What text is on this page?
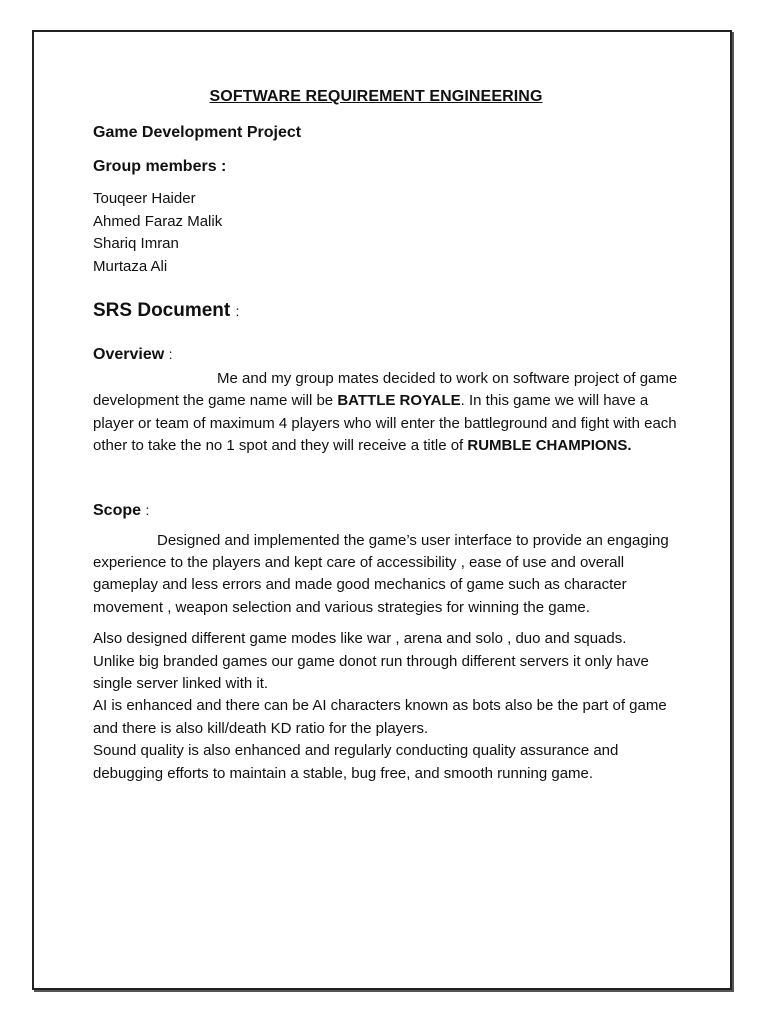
SOFTWARE REQUIREMENT ENGINEERING

Game Development Project

Group members :

Touqeer Haider
Ahmed Faraz Malik
Shariq Imran
Murtaza Ali

SRS Document :

Overview :

Me and my group mates decided to work on software project of game development the game name will be BATTLE ROYALE. In this game we will have a player or team of maximum 4 players who will enter the battleground and fight with each other to take the no 1 spot and they will receive a title of RUMBLE CHAMPIONS.

Scope :

Designed and implemented the game’s user interface to provide an engaging experience to the players and kept care of accessibility , ease of use and overall gameplay and less errors and made good mechanics of game such as character movement , weapon selection and various strategies for winning the game.

Also designed different game modes like war , arena and solo , duo and squads.
Unlike big branded games our game donot run through different servers it only have single server linked with it.
AI is enhanced and there can be AI characters known as bots also be the part of game and there is also kill/death KD ratio for the players.
Sound quality is also enhanced and regularly conducting quality assurance and debugging efforts to maintain a stable, bug free, and smooth running game.
